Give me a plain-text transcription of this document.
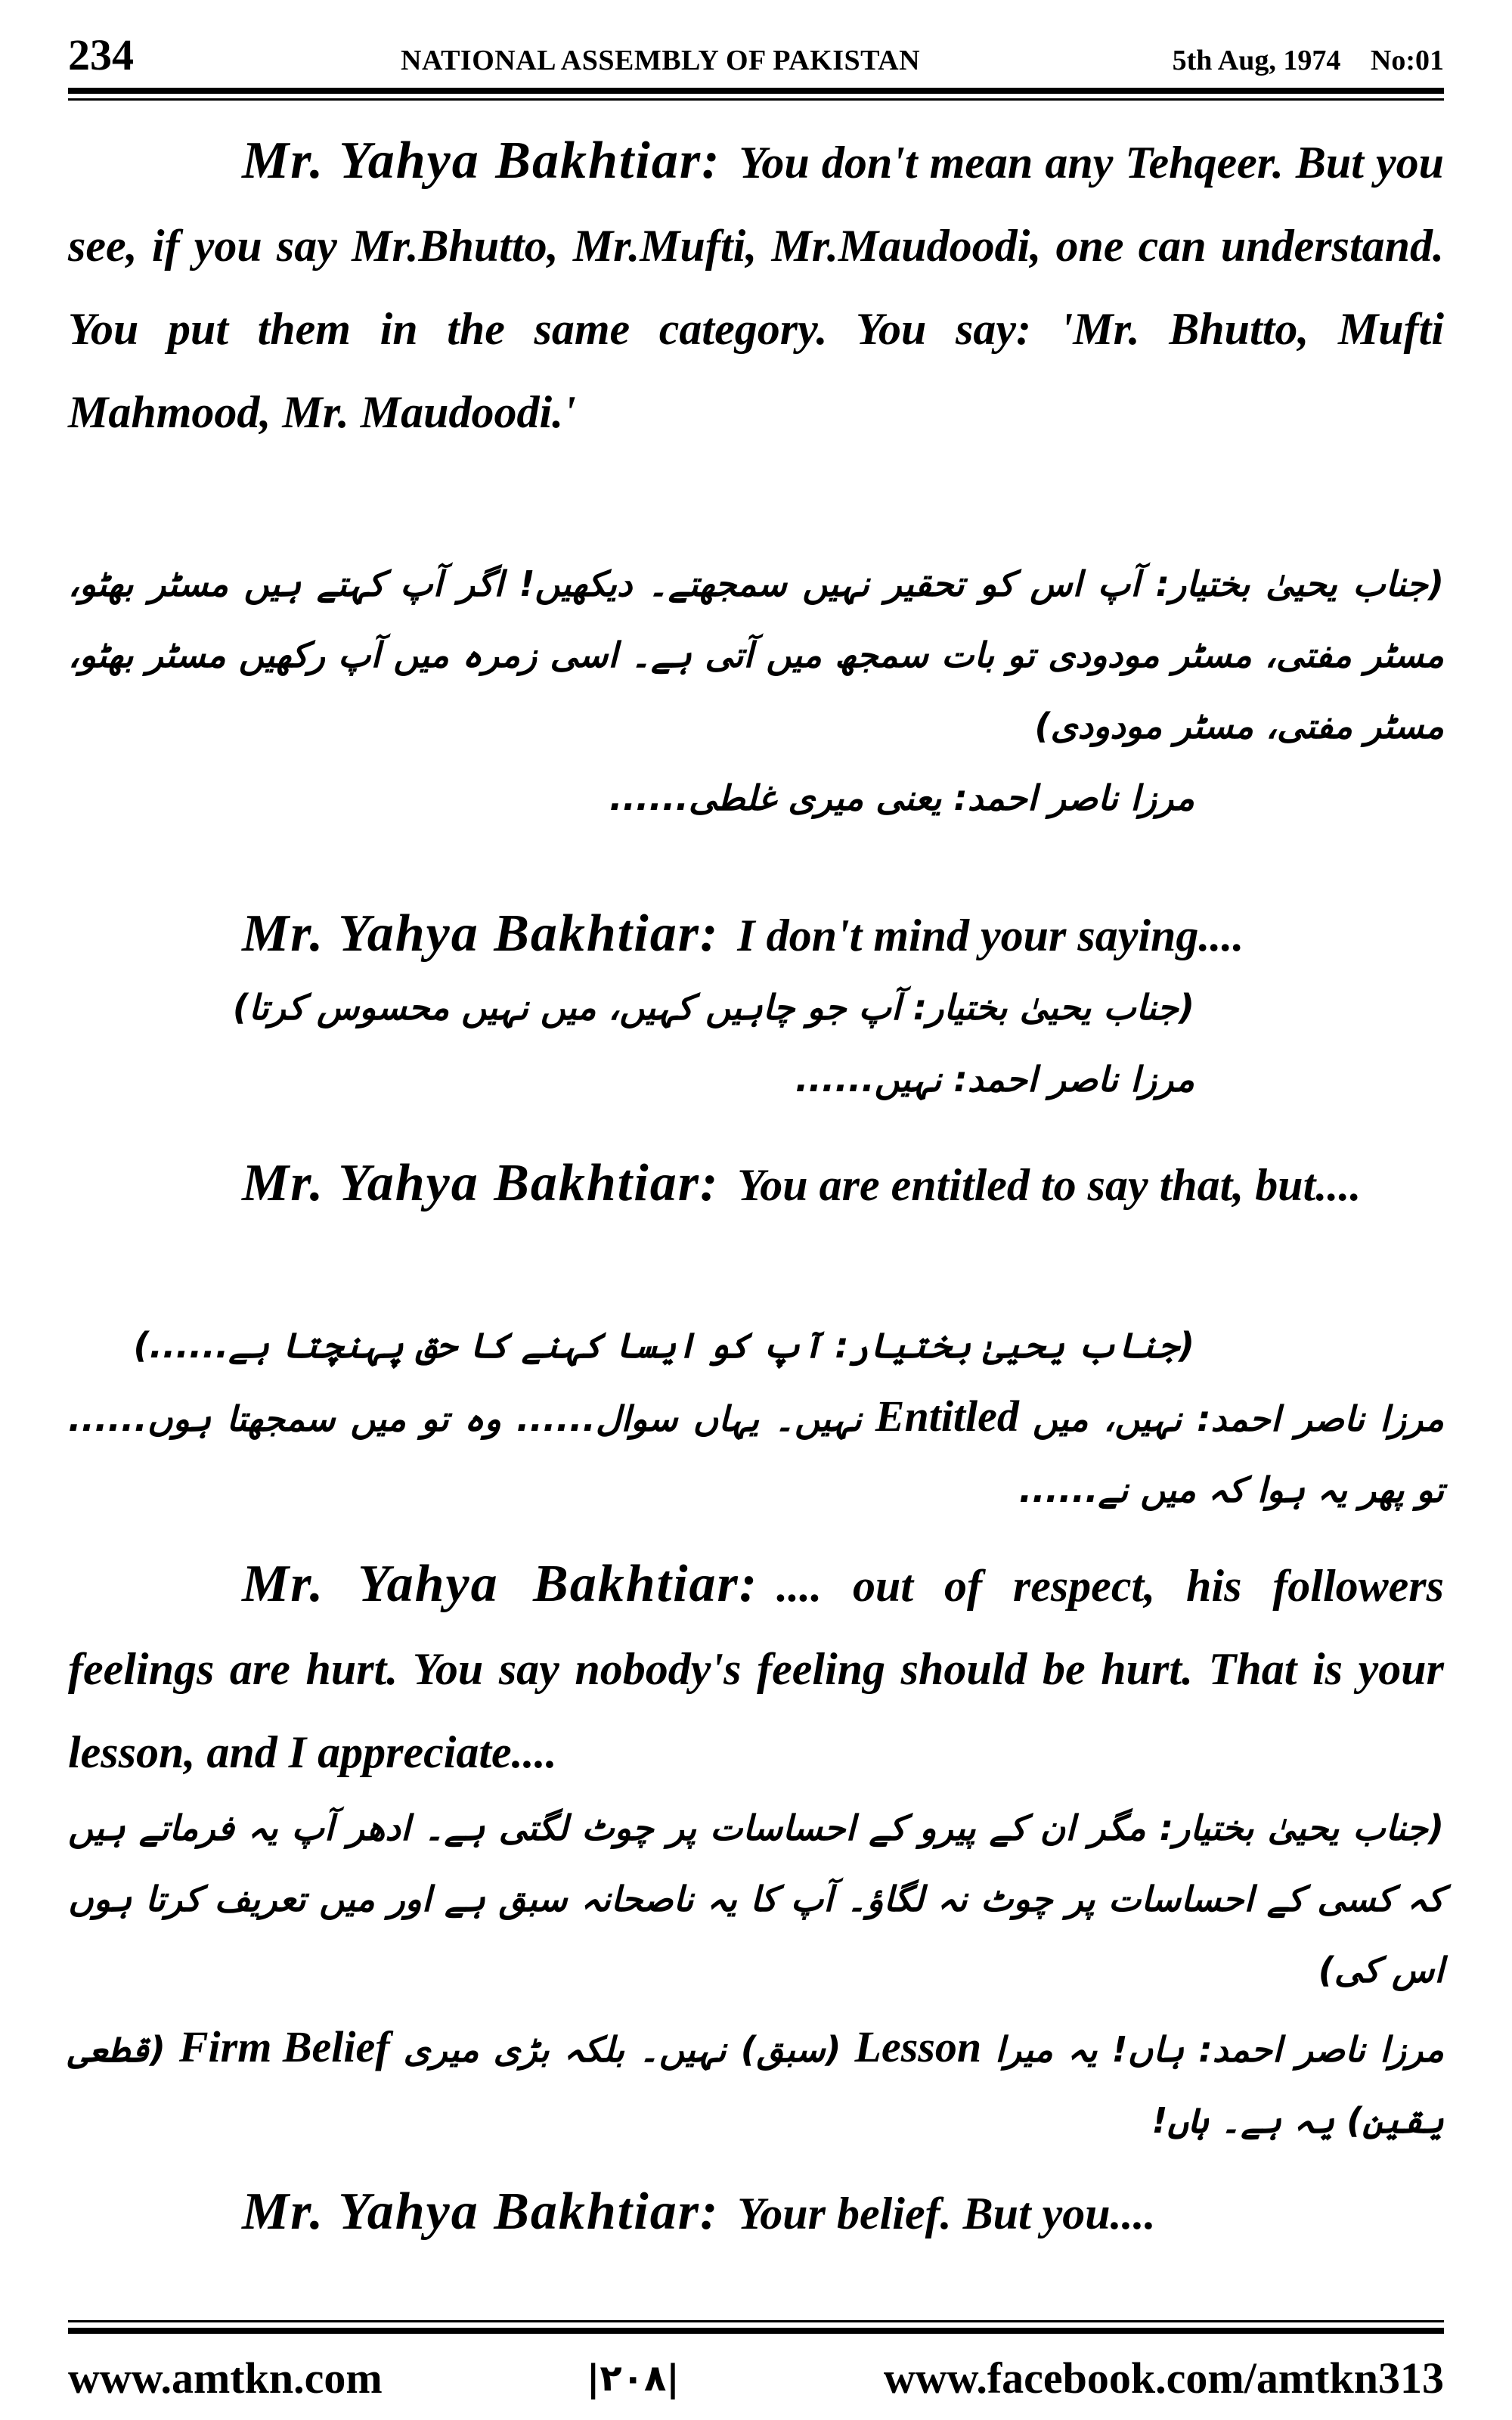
234	NATIONAL ASSEMBLY OF PAKISTAN	5th Aug, 1974 No:01

Mr. Yahya Bakhtiar: You don't mean any Tehqeer. But you see, if you say Mr.Bhutto, Mr.Mufti, Mr.Maudoodi, one can understand. You put them in the same category. You say: 'Mr. Bhutto, Mufti Mahmood, Mr. Maudoodi.'

(جناب یحییٰ بختیار: آپ اس کو تحقیر نہیں سمجھتے۔ دیکھیں! اگر آپ کہتے ہیں مسٹر بھٹو، مسٹر مفتی، مسٹر مودودی تو بات سمجھ میں آتی ہے۔ اسی زمرہ میں آپ رکھیں مسٹر بھٹو، مسٹر مفتی، مسٹر مودودی)

مرزا ناصر احمد: یعنی میری غلطی......

Mr. Yahya Bakhtiar: I don't mind your saying....

(جناب یحییٰ بختیار: آپ جو چاہیں کہیں، میں نہیں محسوس کرتا)

مرزا ناصر احمد: نہیں......

Mr. Yahya Bakhtiar: You are entitled to say that, but....

(جناب یحییٰ بختیار: آپ کو ایسا کہنے کا حق پہنچتا ہے......)

مرزا ناصر احمد: نہیں، میںEntitledنہیں۔ یہاں سوال...... وہ تو میں سمجھتا ہوں...... تو پھر یہ ہوا کہ میں نے......

Mr. Yahya Bakhtiar: .... out of respect, his followers feelings are hurt. You say nobody's feeling should be hurt. That is your lesson, and I appreciate....

(جناب یحییٰ بختیار: مگر ان کے پیرو کے احساسات پر چوٹ لگتی ہے۔ ادھر آپ یہ فرماتے ہیں کہ کسی کے احساسات پر چوٹ نہ لگاؤ۔ آپ کا یہ ناصحانہ سبق ہے اور میں تعریف کرتا ہوں اس کی)

مرزا ناصر احمد: ہاں! یہ میراLesson(سبق) نہیں۔ بلکہ بڑی میریFirm Belief(قطعی یقین) یہ ہے۔ ہاں!

Mr. Yahya Bakhtiar: Your belief. But you....

www.amtkn.com	|۲۰۸|	www.facebook.com/amtkn313
